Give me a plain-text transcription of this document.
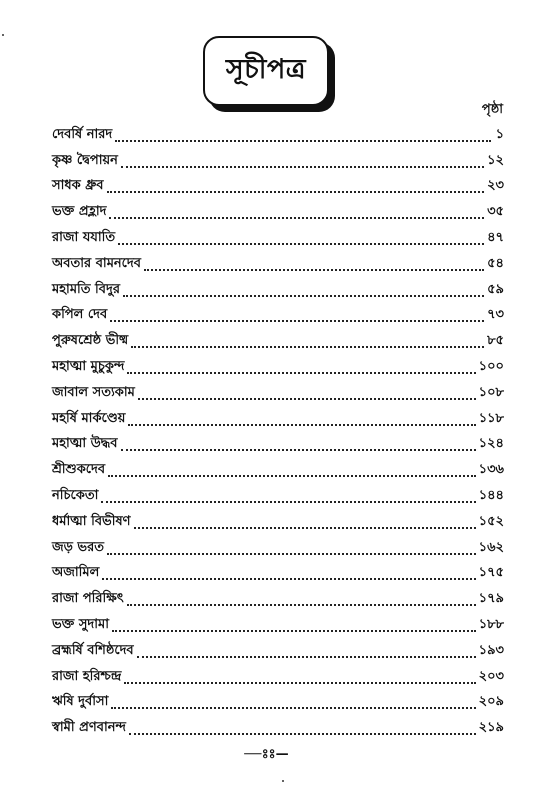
সূচীপত্র
পৃষ্ঠা
দেবর্ষি নারদ	১
কৃষ্ণ দ্বৈপায়ন	১২
সাধক ধ্রুব	২৩
ভক্ত প্রহ্লাদ	৩৫
রাজা যযাতি	৪৭
অবতার বামনদেব	৫৪
মহামতি বিদুর	৫৯
কপিল দেব	৭৩
পুরুষশ্রেষ্ঠ ভীষ্ম	৮৫
মহাত্মা মুচুকুন্দ	১০০
জাবাল সত্যকাম	১০৮
মহর্ষি মার্কণ্ডেয়	১১৮
মহাত্মা উদ্ধব	১২৪
শ্রীশুকদেব	১৩৬
নচিকেতা	১৪৪
ধর্মাত্মা বিভীষণ	১৫২
জড় ভরত	১৬২
অজামিল	১৭৫
রাজা পরিক্ষিৎ	১৭৯
ভক্ত সুদামা	১৮৮
ব্রহ্মর্ষি বশিষ্ঠদেব	১৯৩
রাজা হরিশ্চন্দ্র	২০৩
ঋষি দুর্বাসা	২০৯
স্বামী প্রণবানন্দ	২১৯
—ঃঃ—
